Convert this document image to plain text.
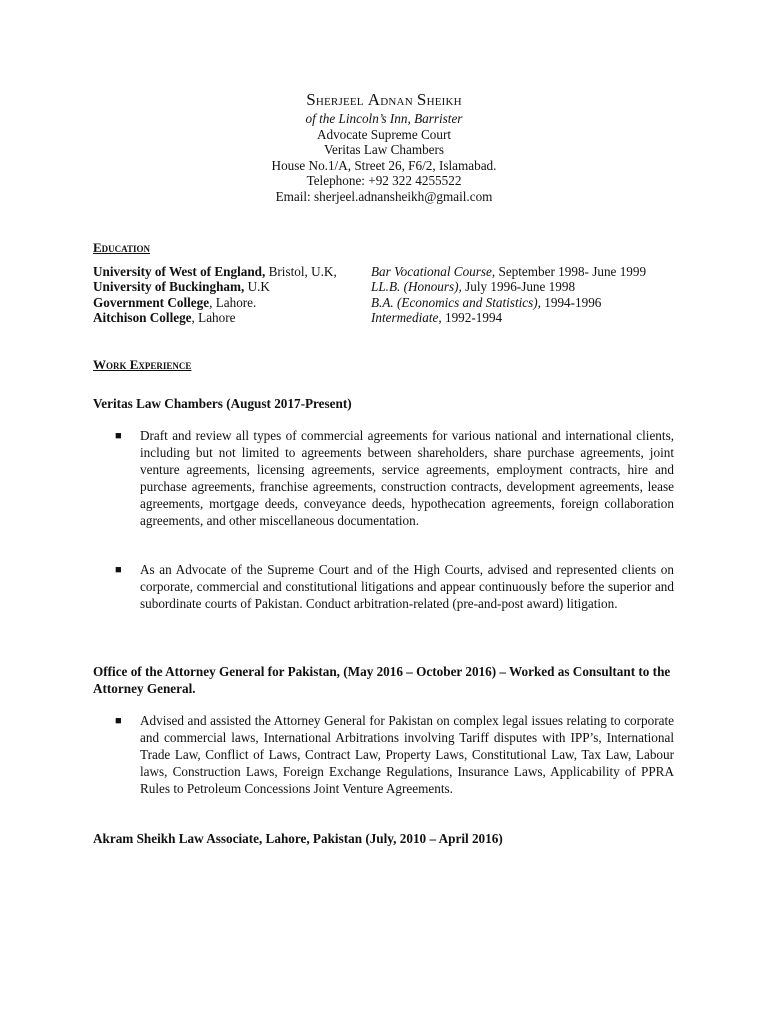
Sherjeel Adnan Sheikh
of the Lincoln’s Inn, Barrister
Advocate Supreme Court
Veritas Law Chambers
House No.1/A, Street 26, F6/2, Islamabad.
Telephone: +92 322 4255522
Email: sherjeel.adnansheikh@gmail.com
Education
University of West of England, Bristol, U.K,	Bar Vocational Course, September 1998- June 1999
University of Buckingham, U.K	LL.B. (Honours), July 1996-June 1998
Government College, Lahore.	B.A. (Economics and Statistics), 1994-1996
Aitchison College, Lahore	Intermediate, 1992-1994
Work Experience
Veritas Law Chambers (August 2017-Present)
■ Draft and review all types of commercial agreements for various national and international clients, including but not limited to agreements between shareholders, share purchase agreements, joint venture agreements, licensing agreements, service agreements, employment contracts, hire and purchase agreements, franchise agreements, construction contracts, development agreements, lease agreements, mortgage deeds, conveyance deeds, hypothecation agreements, foreign collaboration agreements, and other miscellaneous documentation.
■ As an Advocate of the Supreme Court and of the High Courts, advised and represented clients on corporate, commercial and constitutional litigations and appear continuously before the superior and subordinate courts of Pakistan. Conduct arbitration-related (pre-and-post award) litigation.
Office of the Attorney General for Pakistan, (May 2016 – October 2016) – Worked as Consultant to the Attorney General.
■ Advised and assisted the Attorney General for Pakistan on complex legal issues relating to corporate and commercial laws, International Arbitrations involving Tariff disputes with IPP’s, International Trade Law, Conflict of Laws, Contract Law, Property Laws, Constitutional Law, Tax Law, Labour laws, Construction Laws, Foreign Exchange Regulations, Insurance Laws, Applicability of PPRA Rules to Petroleum Concessions Joint Venture Agreements.
Akram Sheikh Law Associate, Lahore, Pakistan (July, 2010 – April 2016)
